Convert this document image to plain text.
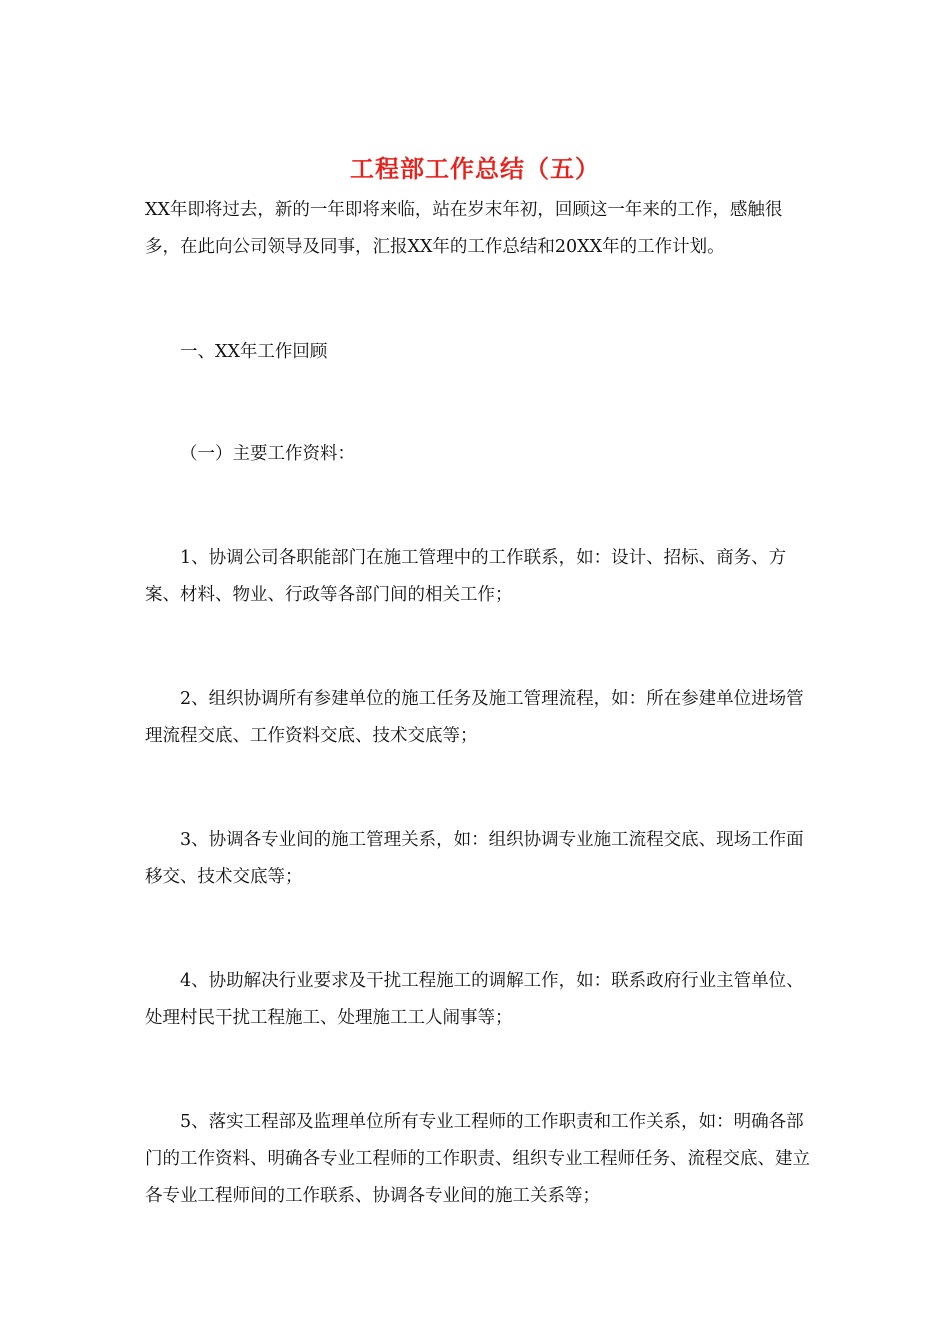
工程部工作总结（五）

XX年即将过去，新的一年即将来临，站在岁末年初，回顾这一年来的工作，感触很多，在此向公司领导及同事，汇报XX年的工作总结和20XX年的工作计划。

一、XX年工作回顾

（一）主要工作资料：

1、协调公司各职能部门在施工管理中的工作联系，如：设计、招标、商务、方案、材料、物业、行政等各部门间的相关工作；

2、组织协调所有参建单位的施工任务及施工管理流程，如：所在参建单位进场管理流程交底、工作资料交底、技术交底等；

3、协调各专业间的施工管理关系，如：组织协调专业施工流程交底、现场工作面移交、技术交底等；

4、协助解决行业要求及干扰工程施工的调解工作，如：联系政府行业主管单位、处理村民干扰工程施工、处理施工工人闹事等；

5、落实工程部及监理单位所有专业工程师的工作职责和工作关系，如：明确各部门的工作资料、明确各专业工程师的工作职责、组织专业工程师任务、流程交底、建立各专业工程师间的工作联系、协调各专业间的施工关系等；
